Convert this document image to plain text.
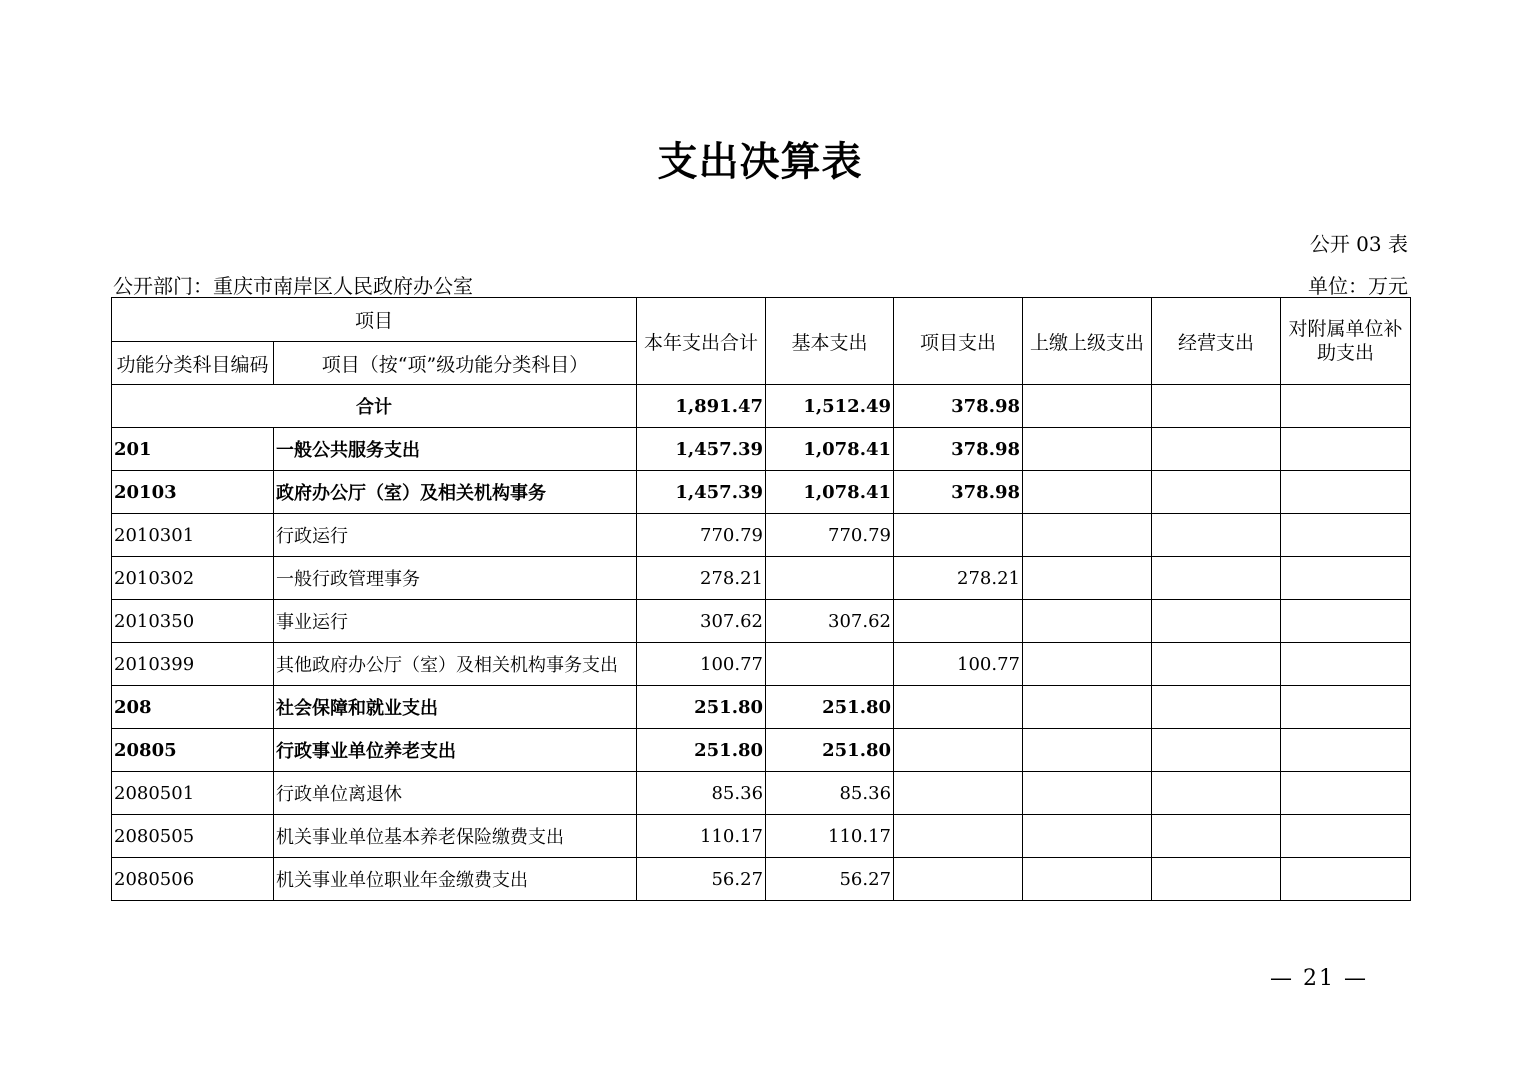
支出决算表
公开 03 表
公开部门：重庆市南岸区人民政府办公室	单位：万元
项目		本年支出合计	基本支出	项目支出	上缴上级支出	经营支出	对附属单位补助支出
功能分类科目编码	项目（按“项”级功能分类科目）						
合计		1,891.47	1,512.49	378.98			
201	一般公共服务支出	1,457.39	1,078.41	378.98			
20103	政府办公厅（室）及相关机构事务	1,457.39	1,078.41	378.98			
2010301	行政运行	770.79	770.79				
2010302	一般行政管理事务	278.21		278.21			
2010350	事业运行	307.62	307.62				
2010399	其他政府办公厅（室）及相关机构事务支出	100.77		100.77			
208	社会保障和就业支出	251.80	251.80				
20805	行政事业单位养老支出	251.80	251.80				
2080501	行政单位离退休	85.36	85.36				
2080505	机关事业单位基本养老保险缴费支出	110.17	110.17				
2080506	机关事业单位职业年金缴费支出	56.27	56.27				
— 21 —
